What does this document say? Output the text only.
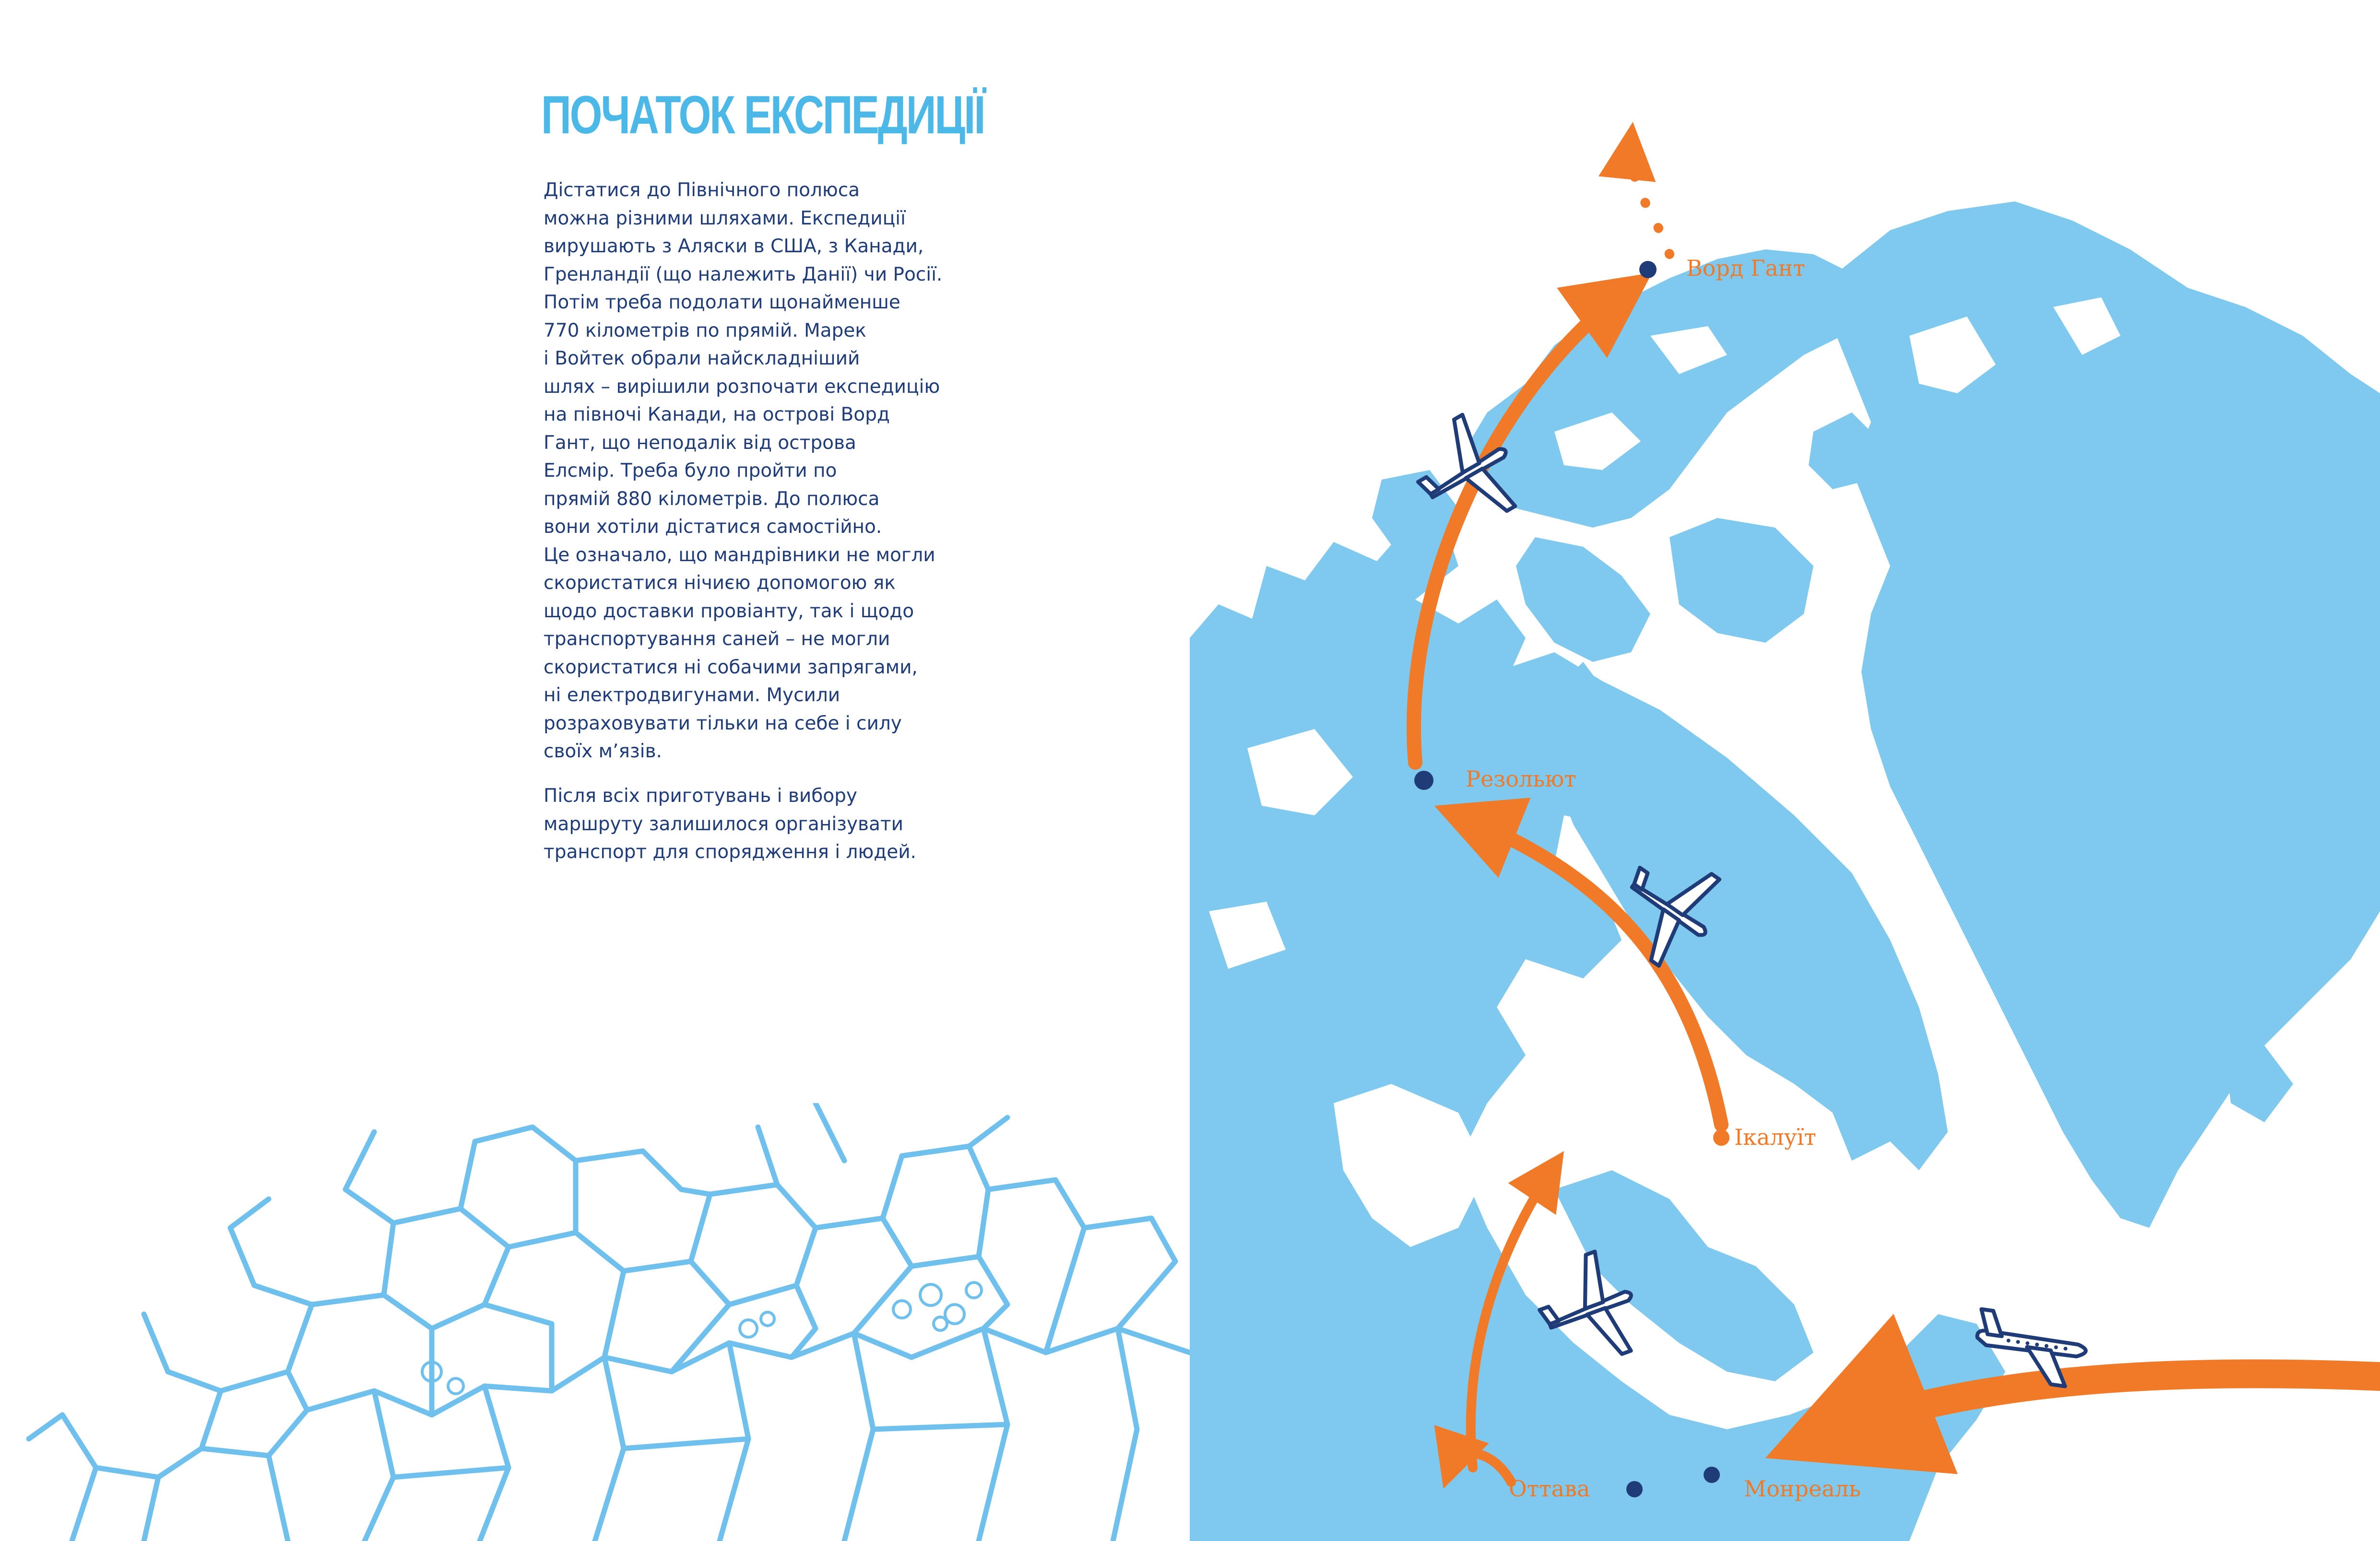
ПОЧАТОК ЕКСПЕДИЦІЇ

Дістатися до Північного полюса
можна різними шляхами. Експедиції
вирушають з Аляски в США, з Канади,
Гренландії (що належить Данії) чи Росії.
Потім треба подолати щонайменше
770 кілометрів по прямій. Марек
і Войтек обрали найскладніший
шлях – вирішили розпочати експедицію
на півночі Канади, на острові Ворд
Гант, що неподалік від острова
Елсмір. Треба було пройти по
прямій 880 кілометрів. До полюса
вони хотіли дістатися самостійно.
Це означало, що мандрівники не могли
скористатися нічиєю допомогою як
щодо доставки провіанту, так і щодо
транспортування саней – не могли
скористатися ні собачими запрягами,
ні електродвигунами. Мусили
розраховувати тільки на себе і силу
своїх м’язів.

Після всіх приготувань і вибору
маршруту залишилося організувати
транспорт для спорядження і людей.

Ворд Гант
Резольют
Ікалуїт
Оттава	Монреаль
